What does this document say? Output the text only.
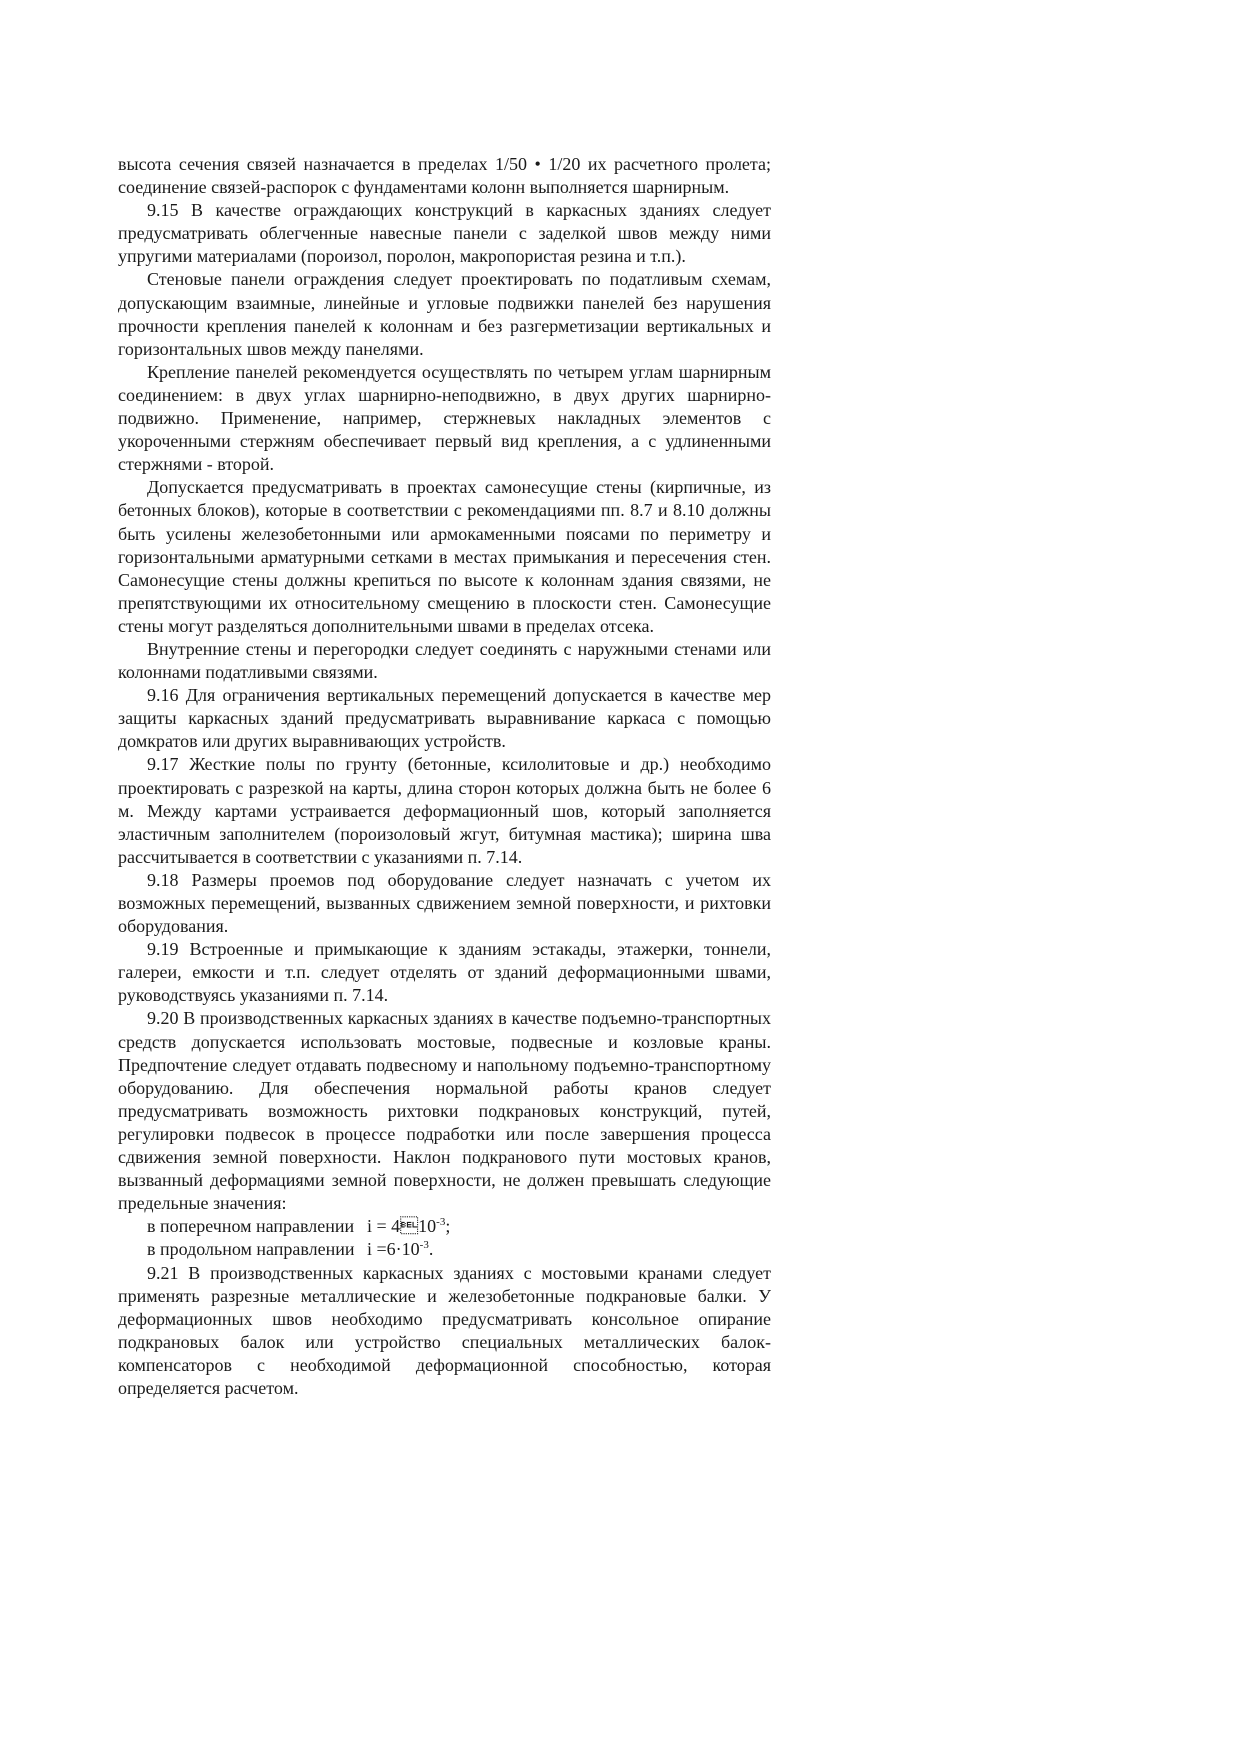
высота сечения связей назначается в пределах 1/50 • 1/20 их расчетного пролета; соединение связей-распорок с фундаментами колонн выполняется шарнирным.

9.15 В качестве ограждающих конструкций в каркасных зданиях следует предусматривать облегченные навесные панели с заделкой швов между ними упругими материалами (пороизол, поролон, макропористая резина и т.п.).

Стеновые панели ограждения следует проектировать по податливым схемам, допускающим взаимные, линейные и угловые подвижки панелей без нарушения прочности крепления панелей к колоннам и без разгерметизации вертикальных и горизонтальных швов между панелями.

Крепление панелей рекомендуется осуществлять по четырем углам шарнирным соединением: в двух углах шарнирно-неподвижно, в двух других шарнирно-подвижно. Применение, например, стержневых накладных элементов с укороченными стержням обеспечивает первый вид крепления, а с удлиненными стержнями - второй.

Допускается предусматривать в проектах самонесущие стены (кирпичные, из бетонных блоков), которые в соответствии с рекомендациями пп. 8.7 и 8.10 должны быть усилены железобетонными или армокаменными поясами по периметру и горизонтальными арматурными сетками в местах примыкания и пересечения стен. Самонесущие стены должны крепиться по высоте к колоннам здания связями, не препятствующими их относительному смещению в плоскости стен. Самонесущие стены могут разделяться дополнительными швами в пределах отсека.

Внутренние стены и перегородки следует соединять с наружными стенами или колоннами податливыми связями.

9.16 Для ограничения вертикальных перемещений допускается в качестве мер защиты каркасных зданий предусматривать выравнивание каркаса с помощью домкратов или других выравнивающих устройств.

9.17 Жесткие полы по грунту (бетонные, ксилолитовые и др.) необходимо проектировать с разрезкой на карты, длина сторон которых должна быть не более 6 м. Между картами устраивается деформационный шов, который заполняется эластичным заполнителем (пороизоловый жгут, битумная мастика); ширина шва рассчитывается в соответствии с указаниями п. 7.14.

9.18 Размеры проемов под оборудование следует назначать с учетом их возможных перемещений, вызванных сдвижением земной поверхности, и рихтовки оборудования.

9.19 Встроенные и примыкающие к зданиям эстакады, этажерки, тоннели, галереи, емкости и т.п. следует отделять от зданий деформационными швами, руководствуясь указаниями п. 7.14.

9.20 В производственных каркасных зданиях в качестве подъемно-транспортных средств допускается использовать мостовые, подвесные и козловые краны. Предпочтение следует отдавать подвесному и напольному подъемно-транспортному оборудованию. Для обеспечения нормальной работы кранов следует предусматривать возможность рихтовки подкрановых конструкций, путей, регулировки подвесок в процессе подработки или после завершения процесса сдвижения земной поверхности. Наклон подкранового пути мостовых кранов, вызванный деформациями земной поверхности, не должен превышать следующие предельные значения:

в поперечном направлении $i = 410^{-3}$;

в продольном направлении $i =6\cdot 10^{-3}$.

9.21 В производственных каркасных зданиях с мостовыми кранами следует применять разрезные металлические и железобетонные подкрановые балки. У деформационных швов необходимо предусматривать консольное опирание подкрановых балок или устройство специальных металлических балок-компенсаторов с необходимой деформационной способностью, которая определяется расчетом.
